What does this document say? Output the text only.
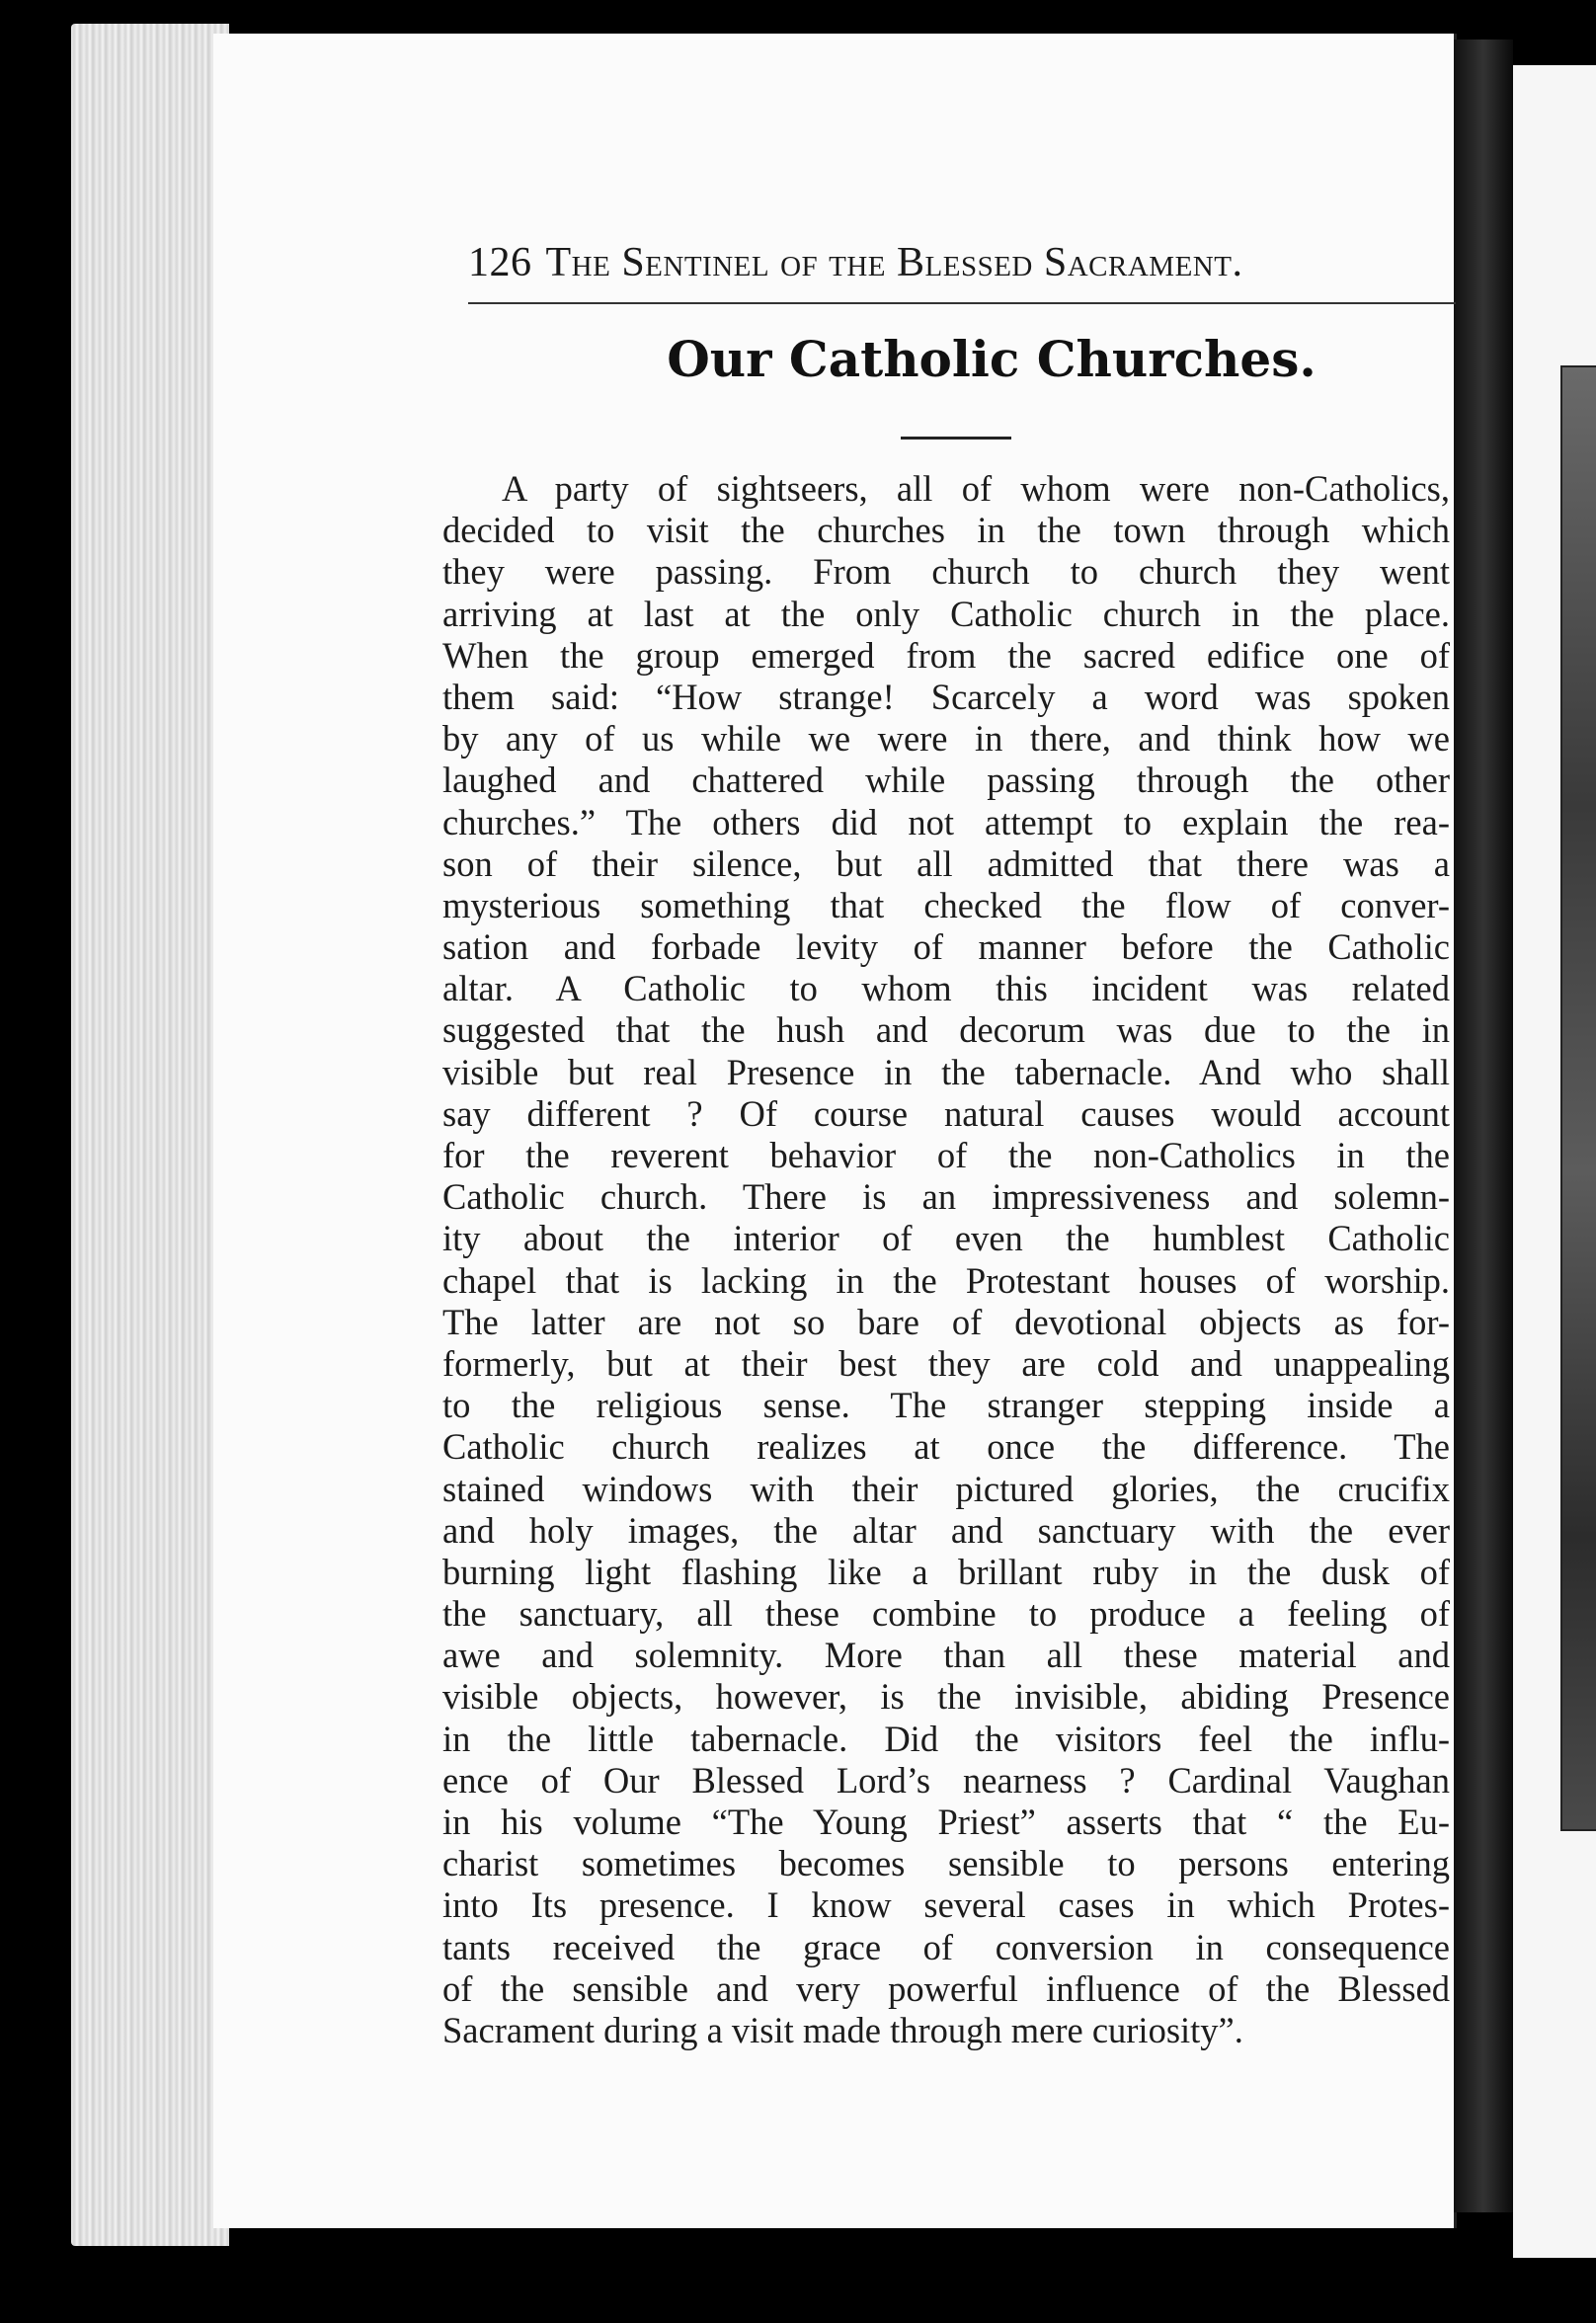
126 The Sentinel of the Blessed Sacrament.
Our Catholic Churches.
A party of sightseers, all of whom were non-Catholics,
decided to visit the churches in the town through which
they were passing. From church to church they went
arriving at last at the only Catholic church in the place.
When the group emerged from the sacred edifice one of
them said: “How strange! Scarcely a word was spoken
by any of us while we were in there, and think how we
laughed and chattered while passing through the other
churches.” The others did not attempt to explain the rea-
son of their silence, but all admitted that there was a
mysterious something that checked the flow of conver-
sation and forbade levity of manner before the Catholic
altar. A Catholic to whom this incident was related
suggested that the hush and decorum was due to the in
visible but real Presence in the tabernacle. And who shall
say different ? Of course natural causes would account
for the reverent behavior of the non-Catholics in the
Catholic church. There is an impressiveness and solemn-
ity about the interior of even the humblest Catholic
chapel that is lacking in the Protestant houses of worship.
The latter are not so bare of devotional objects as for-
formerly, but at their best they are cold and unappealing
to the religious sense. The stranger stepping inside a
Catholic church realizes at once the difference. The
stained windows with their pictured glories, the crucifix
and holy images, the altar and sanctuary with the ever
burning light flashing like a brillant ruby in the dusk of
the sanctuary, all these combine to produce a feeling of
awe and solemnity. More than all these material and
visible objects, however, is the invisible, abiding Presence
in the little tabernacle. Did the visitors feel the influ-
ence of Our Blessed Lord’s nearness ? Cardinal Vaughan
in his volume “The Young Priest” asserts that “ the Eu-
charist sometimes becomes sensible to persons entering
into Its presence. I know several cases in which Protes-
tants received the grace of conversion in consequence
of the sensible and very powerful influence of the Blessed
Sacrament during a visit made through mere curiosity”.
